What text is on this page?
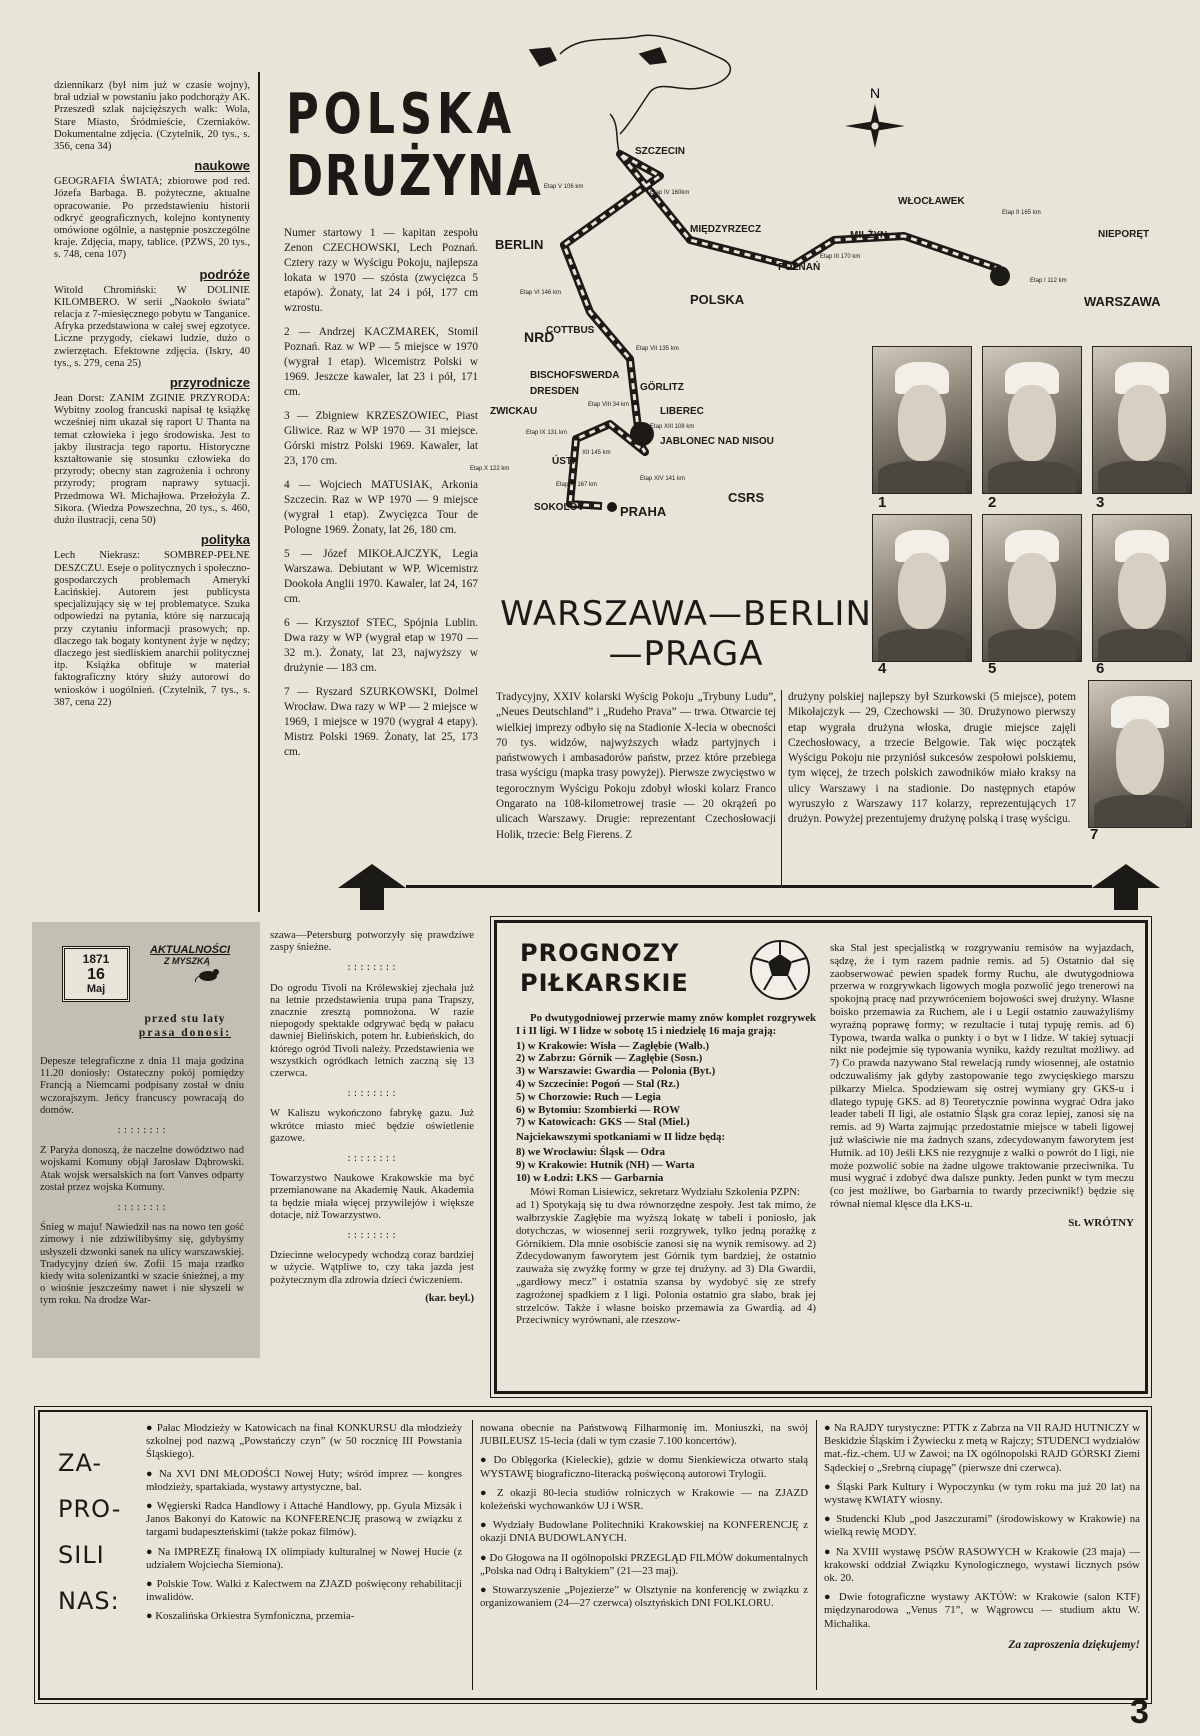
dziennikarz (był nim już w czasie wojny), brał udział w powstaniu jako podchorąży AK. Przeszedł szlak najcięższych walk: Wola, Stare Miasto, Śródmieście, Czerniaków. Dokumentalne zdjęcia. (Czytelnik, 20 tys., s. 356, cena 34)

naukowe

GEOGRAFIA ŚWIATA; zbiorowe pod red. Józefa Barbaga. B. pożyteczne, aktualne opracowanie. Po przedstawieniu historii odkryć geograficznych, kolejno kontynenty omówione ogólnie, a następnie poszczególne kraje. Zdjęcia, mapy, tablice. (PZWS, 20 tys., s. 748, cena 107)

podróże

Witold Chromiński: W DOLINIE KILOMBERO. W serii „Naokoło świata” relacja z 7-miesięcznego pobytu w Tanganice. Afryka przedstawiona w całej swej egzotyce. Liczne przygody, ciekawi ludzie, dużo o zwierzętach. Efektowne zdjęcia. (Iskry, 40 tys., s. 279, cena 25)

przyrodnicze

Jean Dorst: ZANIM ZGINIE PRZYRODA: Wybitny zoolog francuski napisał tę książkę wcześniej nim ukazał się raport U Thanta na temat człowieka i jego środowiska. Jest to jakby ilustracja tego raportu. Historyczne kształtowanie się stosunku człowieka do przyrody; obecny stan zagrożenia i ochrony przyrody; program naprawy sytuacji. Przedmowa Wł. Michajłowa. Przełożyła Z. Sikora. (Wiedza Powszechna, 20 tys., s. 460, dużo ilustracji, cena 50)

polityka

Lech Niekrasz: SOMBREP-PEŁNE DESZCZU. Eseje o politycznych i społeczno-gospodarczych problemach Ameryki Łacińskiej. Autorem jest publicysta specjalizujący się w tej problematyce. Szuka odpowiedzi na pytania, które się narzucają przy czytaniu informacji prasowych; np. dlaczego tak bogaty kontynent żyje w nędzy; dlaczego jest siedliskiem anarchii politycznej itp. Książka obfituje w materiał faktograficzny który służy autorowi do wniosków i uogólnień. (Czytelnik, 7 tys., s. 387, cena 22)

POLSKA
DRUŻYNA

Numer startowy 1 — kapitan zespołu Zenon CZECHOWSKI, Lech Poznań. Cztery razy w Wyścigu Pokoju, najlepsza lokata w 1970 — szósta (zwycięzca 5 etapów). Żonaty, lat 24 i pół, 177 cm wzrostu.

2 — Andrzej KACZMAREK, Stomil Poznań. Raz w WP — 5 miejsce w 1970 (wygrał 1 etap). Wicemistrz Polski w 1969. Jeszcze kawaler, lat 23 i pół, 171 cm.

3 — Zbigniew KRZESZOWIEC, Piast Gliwice. Raz w WP 1970 — 31 miejsce. Górski mistrz Polski 1969. Kawaler, lat 23, 170 cm.

4 — Wojciech MATUSIAK, Arkonia Szczecin. Raz w WP 1970 — 9 miejsce (wygrał 1 etap). Zwycięzca Tour de Pologne 1969. Żonaty, lat 26, 180 cm.

5 — Józef MIKOŁAJCZYK, Legia Warszawa. Debiutant w WP. Wicemistrz Dookoła Anglii 1970. Kawaler, lat 24, 167 cm.

6 — Krzysztof STEC, Spójnia Lublin. Dwa razy w WP (wygrał etap w 1970 — 32 m.). Żonaty, lat 23, najwyższy w drużynie — 183 cm.

7 — Ryszard SZURKOWSKI, Dolmel Wrocław. Dwa razy w WP — 2 miejsce w 1969, 1 miejsce w 1970 (wygrał 4 etapy). Mistrz Polski 1969. Żonaty, lat 25, 173 cm.

N
SZCZECIN
BERLIN
MIĘDZYRZECZ
WŁOCŁAWEK
NIEPORĘT
MILŻYN
POZNAŃ
WARSZAWA
POLSKA
NRD
COTTBUS
BISCHOFSWERDA
DRESDEN	GÖRLITZ
ZWICKAU	LIBEREC
JABLONEC NAD NISOU
ÚSTI
SOKOLOV	PRAHA
CSRS
Etap V 106 km
Etap IV 160km
Etap II 165 km
Etap III 170 km
Etap I 112 km
Etap VI 146 km
Etap VII 135 km
Etap VIII 34 km
Etap IX 131 km
Etap XIII 108 km
Etap X 122 km
XII 145 km
Etap XI 167 km
Etap XIV 141 km
1	2	3
4	5	6
7
WARSZAWA—BERLIN
—PRAGA

Tradycyjny, XXIV kolarski Wyścig Pokoju „Trybuny Ludu”, „Neues Deutschland” i „Rudeho Prava” — trwa. Otwarcie tej wielkiej imprezy odbyło się na Stadionie X-lecia w obecności 70 tys. widzów, najwyższych władz partyjnych i państwowych i ambasadorów państw, przez które przebiega trasa wyścigu (mapka trasy powyżej). Pierwsze zwycięstwo w tegorocznym Wyścigu Pokoju zdobył włoski kolarz Franco Ongarato na 108-kilometrowej trasie — 20 okrążeń po ulicach Warszawy. Drugie: reprezentant Czechosłowacji Holik, trzecie: Belg Fierens. Z

drużyny polskiej najlepszy był Szurkowski (5 miejsce), potem Mikołajczyk — 29, Czechowski — 30. Drużynowo pierwszy etap wygrała drużyna włoska, drugie miejsce zajęli Czechosłowacy, a trzecie Belgowie. Tak więc początek Wyścigu Pokoju nie przyniósł sukcesów zespołowi polskiemu, tym więcej, że trzech polskich zawodników miało kraksy na ulicy Warszawy i na stadionie. Do następnych etapów wyruszyło z Warszawy 117 kolarzy, reprezentujących 17 drużyn. Powyżej prezentujemy drużynę polską i trasę wyścigu.

1871
16
Maj
AKTUALNOŚCI
Z MYSZKĄ
przed stu laty
prasa donosi:

Depesze telegraficzne z dnia 11 maja godzina 11.20 doniosły: Ostateczny pokój pomiędzy Francją a Niemcami podpisany został w dniu wczorajszym. Jeńcy francuscy powracają do domów.

::::::::

Z Paryża donoszą, że naczelne dowództwo nad wojskami Komuny objął Jarosław Dąbrowski. Atak wojsk wersalskich na fort Vanves odparty został przez wojska Komuny.

::::::::

Śnieg w maju! Nawiedził nas na nowo ten gość zimowy i nie zdziwilibyśmy się, gdybyśmy usłyszeli dzwonki sanek na ulicy warszawskiej. Tradycyjny dzień św. Zofii 15 maja rzadko kiedy wita solenizantki w szacie śnieżnej, a my o wiośnie jeszcześmy nawet i nie słyszeli w tym roku. Na drodze War-

szawa—Petersburg potworzyły się prawdziwe zaspy śnieżne.

::::::::

Do ogrodu Tivoli na Królewskiej zjechała już na letnie przedstawienia trupa pana Trapszy, znacznie zresztą pomnożona. W razie niepogody spektakle odgrywać będą w pałacu dawniej Bielińskich, potem hr. Łubieńskich, do którego ogród Tivoli należy. Przedstawienia we wszystkich ogródkach letnich zaczną się 13 czerwca.

::::::::

W Kaliszu wykończono fabrykę gazu. Już wkrótce miasto mieć będzie oświetlenie gazowe.

::::::::

Towarzystwo Naukowe Krakowskie ma być przemianowane na Akademię Nauk. Akademia ta będzie miała więcej przywilejów i większe dotacje, niż Towarzystwo.

::::::::

Dziecinne welocypedy wchodzą coraz bardziej w użycie. Wątpliwe to, czy taka jazda jest pożytecznym dla zdrowia dzieci ćwiczeniem.

(kar. beyl.)
PROGNOZY
PIŁKARSKIE

Po dwutygodniowej przerwie mamy znów komplet rozgrywek I i II ligi. W I lidze w sobotę 15 i niedzielę 16 maja grają:

1) w Krakowie: Wisła — Zagłębie (Wałb.)
2) w Zabrzu: Górnik — Zagłębie (Sosn.)
3) w Warszawie: Gwardia — Polonia (Byt.)
4) w Szczecinie: Pogoń — Stal (Rz.)
5) w Chorzowie: Ruch — Legia
6) w Bytomiu: Szombierki — ROW
7) w Katowicach: GKS — Stal (Miel.)

Najciekawszymi spotkaniami w II lidze będą:

8) we Wrocławiu: Śląsk — Odra
9) w Krakowie: Hutnik (NH) — Warta
10) w Łodzi: ŁKS — Garbarnia

Mówi Roman Lisiewicz, sekretarz Wydziału Szkolenia PZPN:

ad 1) Spotykają się tu dwa równorzędne zespoły. Jest tak mimo, że wałbrzyskie Zagłębie ma wyższą lokatę w tabeli i poniosło, jak dotychczas, w wiosennej serii rozgrywek, tylko jedną porażkę z Górnikiem. Dla mnie osobiście zanosi się na wynik remisowy. ad 2) Zdecydowanym faworytem jest Górnik tym bardziej, że ostatnio zauważa się zwyżkę formy w grze tej drużyny. ad 3) Dla Gwardii, „gardłowy mecz” i ostatnia szansa by wydobyć się ze strefy zagrożonej spadkiem z I ligi. Polonia ostatnio gra słabo, brak jej strzelców. Także i własne boisko przemawia za Gwardią. ad 4) Przeciwnicy wyrównani, ale rzeszow-

ska Stal jest specjalistką w rozgrywaniu remisów na wyjazdach, sądzę, że i tym razem padnie remis. ad 5) Ostatnio dał się zaobserwować pewien spadek formy Ruchu, ale dwutygodniowa przerwa w rozgrywkach ligowych mogła pozwolić jego trenerowi na spokojną pracę nad przywróceniem bojowości swej drużyny. Własne boisko przemawia za Ruchem, ale i u Legii ostatnio zauważyliśmy wyraźną poprawę formy; w rezultacie i tutaj typuję remis. ad 6) Typowa, twarda walka o punkty i o byt w I lidze. W takiej sytuacji nikt nie podejmie się typowania wyniku, każdy rezultat możliwy. ad 7) Co prawda nazywano Stal rewelacją rundy wiosennej, ale ostatnio odczuwaliśmy jak gdyby zastopowanie tego zwycięskiego marszu piłkarzy Mielca. Spodziewam się ostrej wymiany gry GKS-u i dlatego typuję GKS. ad 8) Teoretycznie powinna wygrać Odra jako leader tabeli II ligi, ale ostatnio Śląsk gra coraz lepiej, zanosi się na remis. ad 9) Warta zajmując przedostatnie miejsce w tabeli ligowej już właściwie nie ma żadnych szans, zdecydowanym faworytem jest Hutnik. ad 10) Jeśli ŁKS nie rezygnuje z walki o powrót do I ligi, nie może pozwolić sobie na żadne ulgowe traktowanie przeciwnika. Tu musi wygrać i zdobyć dwa dalsze punkty. Jeden punkt w tym meczu (co jest możliwe, bo Garbarnia to twardy przeciwnik!) będzie się równał niemal klęsce dla ŁKS-u.

St. WRÓTNY
ZA-
PRO-
SILI
NAS:

● Pałac Młodzieży w Katowicach na finał KONKURSU dla młodzieży szkolnej pod nazwą „Powstańczy czyn” (w 50 rocznicę III Powstania Śląskiego).

● Na XVI DNI MŁODOŚCI Nowej Huty; wśród imprez — kongres młodzieży, spartakiada, wystawy artystyczne, bal.

● Węgierski Radca Handlowy i Attaché Handlowy, pp. Gyula Mizsák i Janos Bakonyi do Katowic na KONFERENCJĘ prasową w związku z targami budapeszteńskimi (także pokaz filmów).

● Na IMPREZĘ finałową IX olimpiady kulturalnej w Nowej Hucie (z udziałem Wojciecha Siemiona).

● Polskie Tow. Walki z Kalectwem na ZJAZD poświęcony rehabilitacji inwalidów.

● Koszalińska Orkiestra Symfoniczna, przemia-

nowana obecnie na Państwową Filharmonię im. Moniuszki, na swój JUBILEUSZ 15-lecia (dali w tym czasie 7.100 koncertów).

● Do Oblęgorka (Kieleckie), gdzie w domu Sienkiewicza otwarto stałą WYSTAWĘ biograficzno-literacką poświęconą autorowi Trylogii.

● Z okazji 80-lecia studiów rolniczych w Krakowie — na ZJAZD koleżeński wychowanków UJ i WSR.

● Wydziały Budowlane Politechniki Krakowskiej na KONFERENCJĘ z okazji DNIA BUDOWLANYCH.

● Do Głogowa na II ogólnopolski PRZEGLĄD FILMÓW dokumentalnych „Polska nad Odrą i Bałtykiem” (21—23 maj).

● Stowarzyszenie „Pojezierze” w Olsztynie na konferencję w związku z organizowaniem (24—27 czerwca) olsztyńskich DNI FOLKLORU.

● Na RAJDY turystyczne: PTTK z Zabrza na VII RAJD HUTNICZY w Beskidzie Śląskim i Żywiecku z metą w Rajczy; STUDENCI wydziałów mat.-fiz.-chem. UJ w Zawoi; na IX ogólnopolski RAJD GÓRSKI Ziemi Sądeckiej o „Srebrną ciupagę” (pierwsze dni czerwca).

● Śląski Park Kultury i Wypoczynku (w tym roku ma już 20 lat) na wystawę KWIATY wiosny.

● Studencki Klub „pod Jaszczurami” (środowiskowy w Krakowie) na wielką rewię MODY.

● Na XVIII wystawę PSÓW RASOWYCH w Krakowie (23 maja) — krakowski oddział Związku Kynologicznego, wystawi licznych psów ok. 20.

● Dwie fotograficzne wystawy AKTÓW: w Krakowie (salon KTF) międzynarodowa „Venus 71”, w Wągrowcu — studium aktu W. Michalika.

Za zaproszenia dziękujemy!
3
